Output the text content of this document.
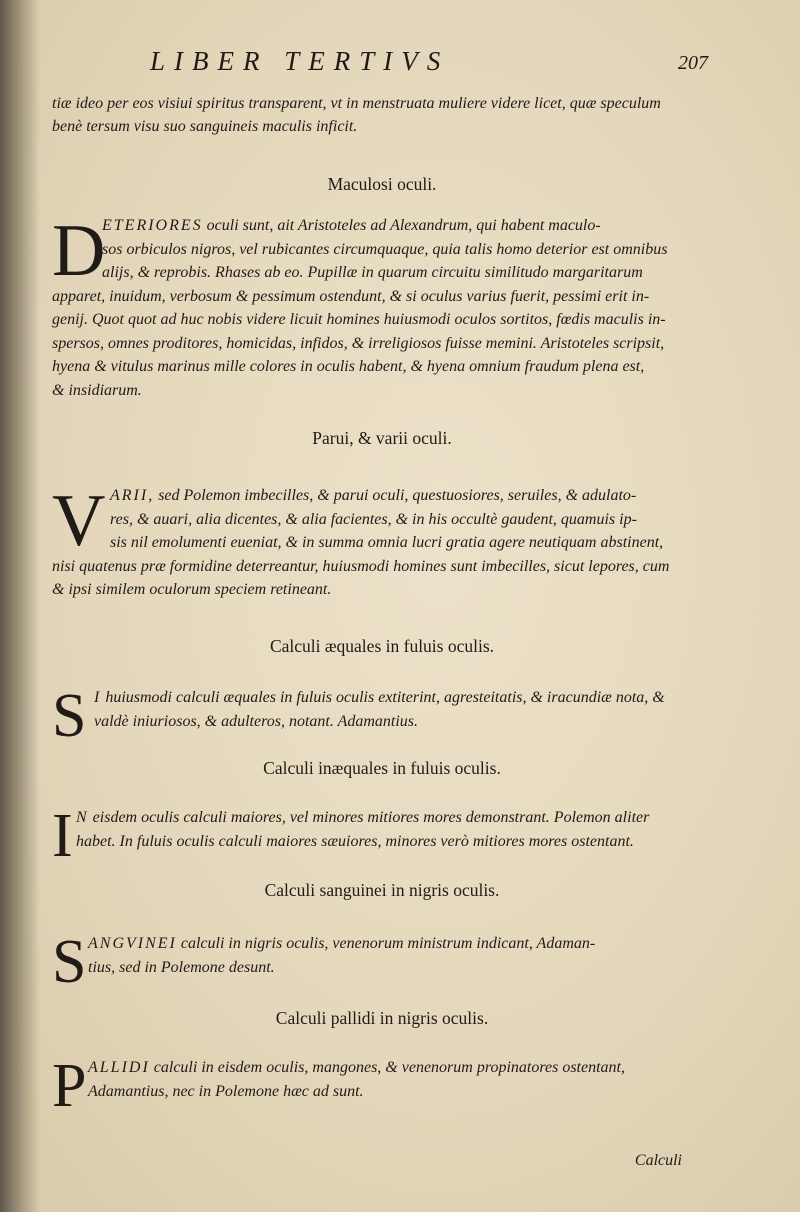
LIBER TERTIVS	207
tiæ ideo per eos visiui spiritus transparent, vt in menstruata muliere videre licet, quæ speculum
benè tersum visu suo sanguineis maculis inficit.
Maculosi oculi.
D
ETERIORES oculi sunt, ait Aristoteles ad Alexandrum, qui habent maculo-
sos orbiculos nigros, vel rubicantes circumquaque, quia talis homo deterior est omnibus
alijs, & reprobis. Rhases ab eo. Pupillæ in quarum circuitu similitudo margaritarum
apparet, inuidum, verbosum & pessimum ostendunt, & si oculus varius fuerit, pessimi erit in-
genij. Quot quot ad huc nobis videre licuit homines huiusmodi oculos sortitos, fœdis maculis in-
spersos, omnes proditores, homicidas, infidos, & irreligiosos fuisse memini. Aristoteles scripsit,
hyena & vitulus marinus mille colores in oculis habent, & hyena omnium fraudum plena est,
& insidiarum.
Parui, & varii oculi.
V ARII, sed Polemon imbecilles, & parui oculi, questuosiores, seruiles, & adulato-
res, & auari, alia dicentes, & alia facientes, & in his occultè gaudent, quamuis ip-
sis nil emolumenti eueniat, & in summa omnia lucri gratia agere neutiquam abstinent,
nisi quatenus præ formidine deterreantur, huiusmodi homines sunt imbecilles, sicut lepores, cum
& ipsi similem oculorum speciem retineant.
Calculi æquales in fuluis oculis.
S I huiusmodi calculi æquales in fuluis oculis extiterint, agresteitatis, & iracundiæ nota, &
valdè iniuriosos, & adulteros, notant. Adamantius.
Calculi inæquales in fuluis oculis.
I N eisdem oculis calculi maiores, vel minores mitiores mores demonstrant. Polemon aliter
habet. In fuluis oculis calculi maiores sæuiores, minores verò mitiores mores ostentant.
Calculi sanguinei in nigris oculis.
S ANGVINEI calculi in nigris oculis, venenorum ministrum indicant, Adaman-
tius, sed in Polemone desunt.
Calculi pallidi in nigris oculis.
P ALLIDI calculi in eisdem oculis, mangones, & venenorum propinatores ostentant,
Adamantius, nec in Polemone hæc ad sunt.
Calculi
